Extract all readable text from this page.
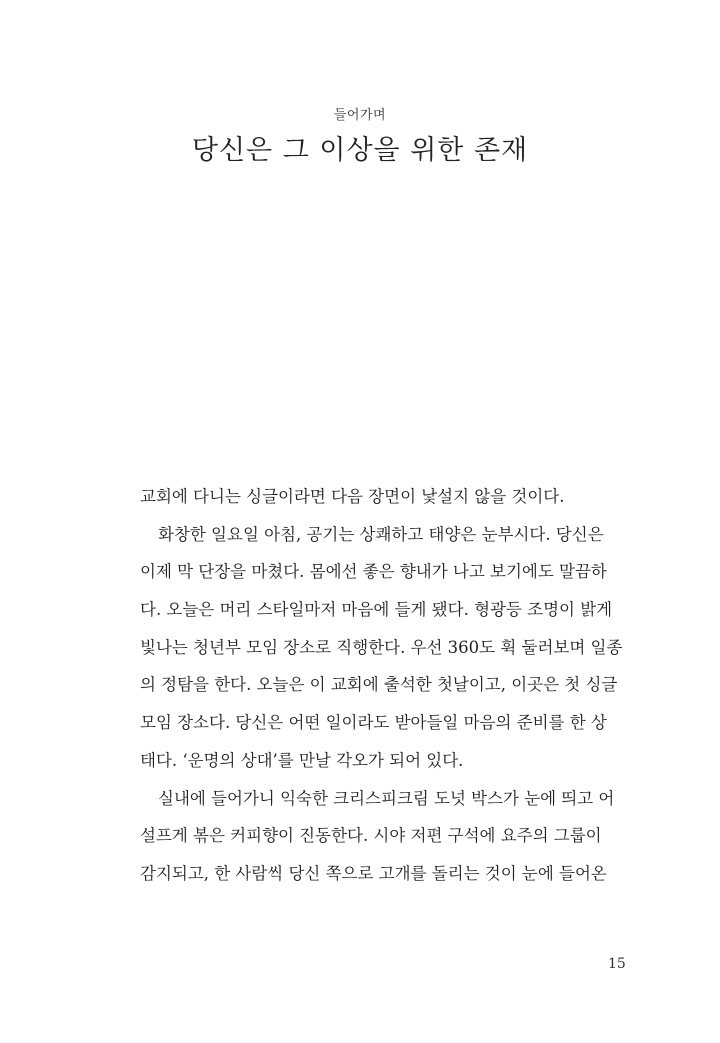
들어가며
당신은 그 이상을 위한 존재
교회에 다니는 싱글이라면 다음 장면이 낯설지 않을 것이다.
화창한 일요일 아침, 공기는 상쾌하고 태양은 눈부시다. 당신은
이제 막 단장을 마쳤다. 몸에선 좋은 향내가 나고 보기에도 말끔하
다. 오늘은 머리 스타일마저 마음에 들게 됐다. 형광등 조명이 밝게
빛나는 청년부 모임 장소로 직행한다. 우선 360도 휙 둘러보며 일종
의 정탐을 한다. 오늘은 이 교회에 출석한 첫날이고, 이곳은 첫 싱글
모임 장소다. 당신은 어떤 일이라도 받아들일 마음의 준비를 한 상
태다. ‘운명의 상대’를 만날 각오가 되어 있다.
실내에 들어가니 익숙한 크리스피크림 도넛 박스가 눈에 띄고 어
설프게 볶은 커피향이 진동한다. 시야 저편 구석에 요주의 그룹이
감지되고, 한 사람씩 당신 쪽으로 고개를 돌리는 것이 눈에 들어온
15
